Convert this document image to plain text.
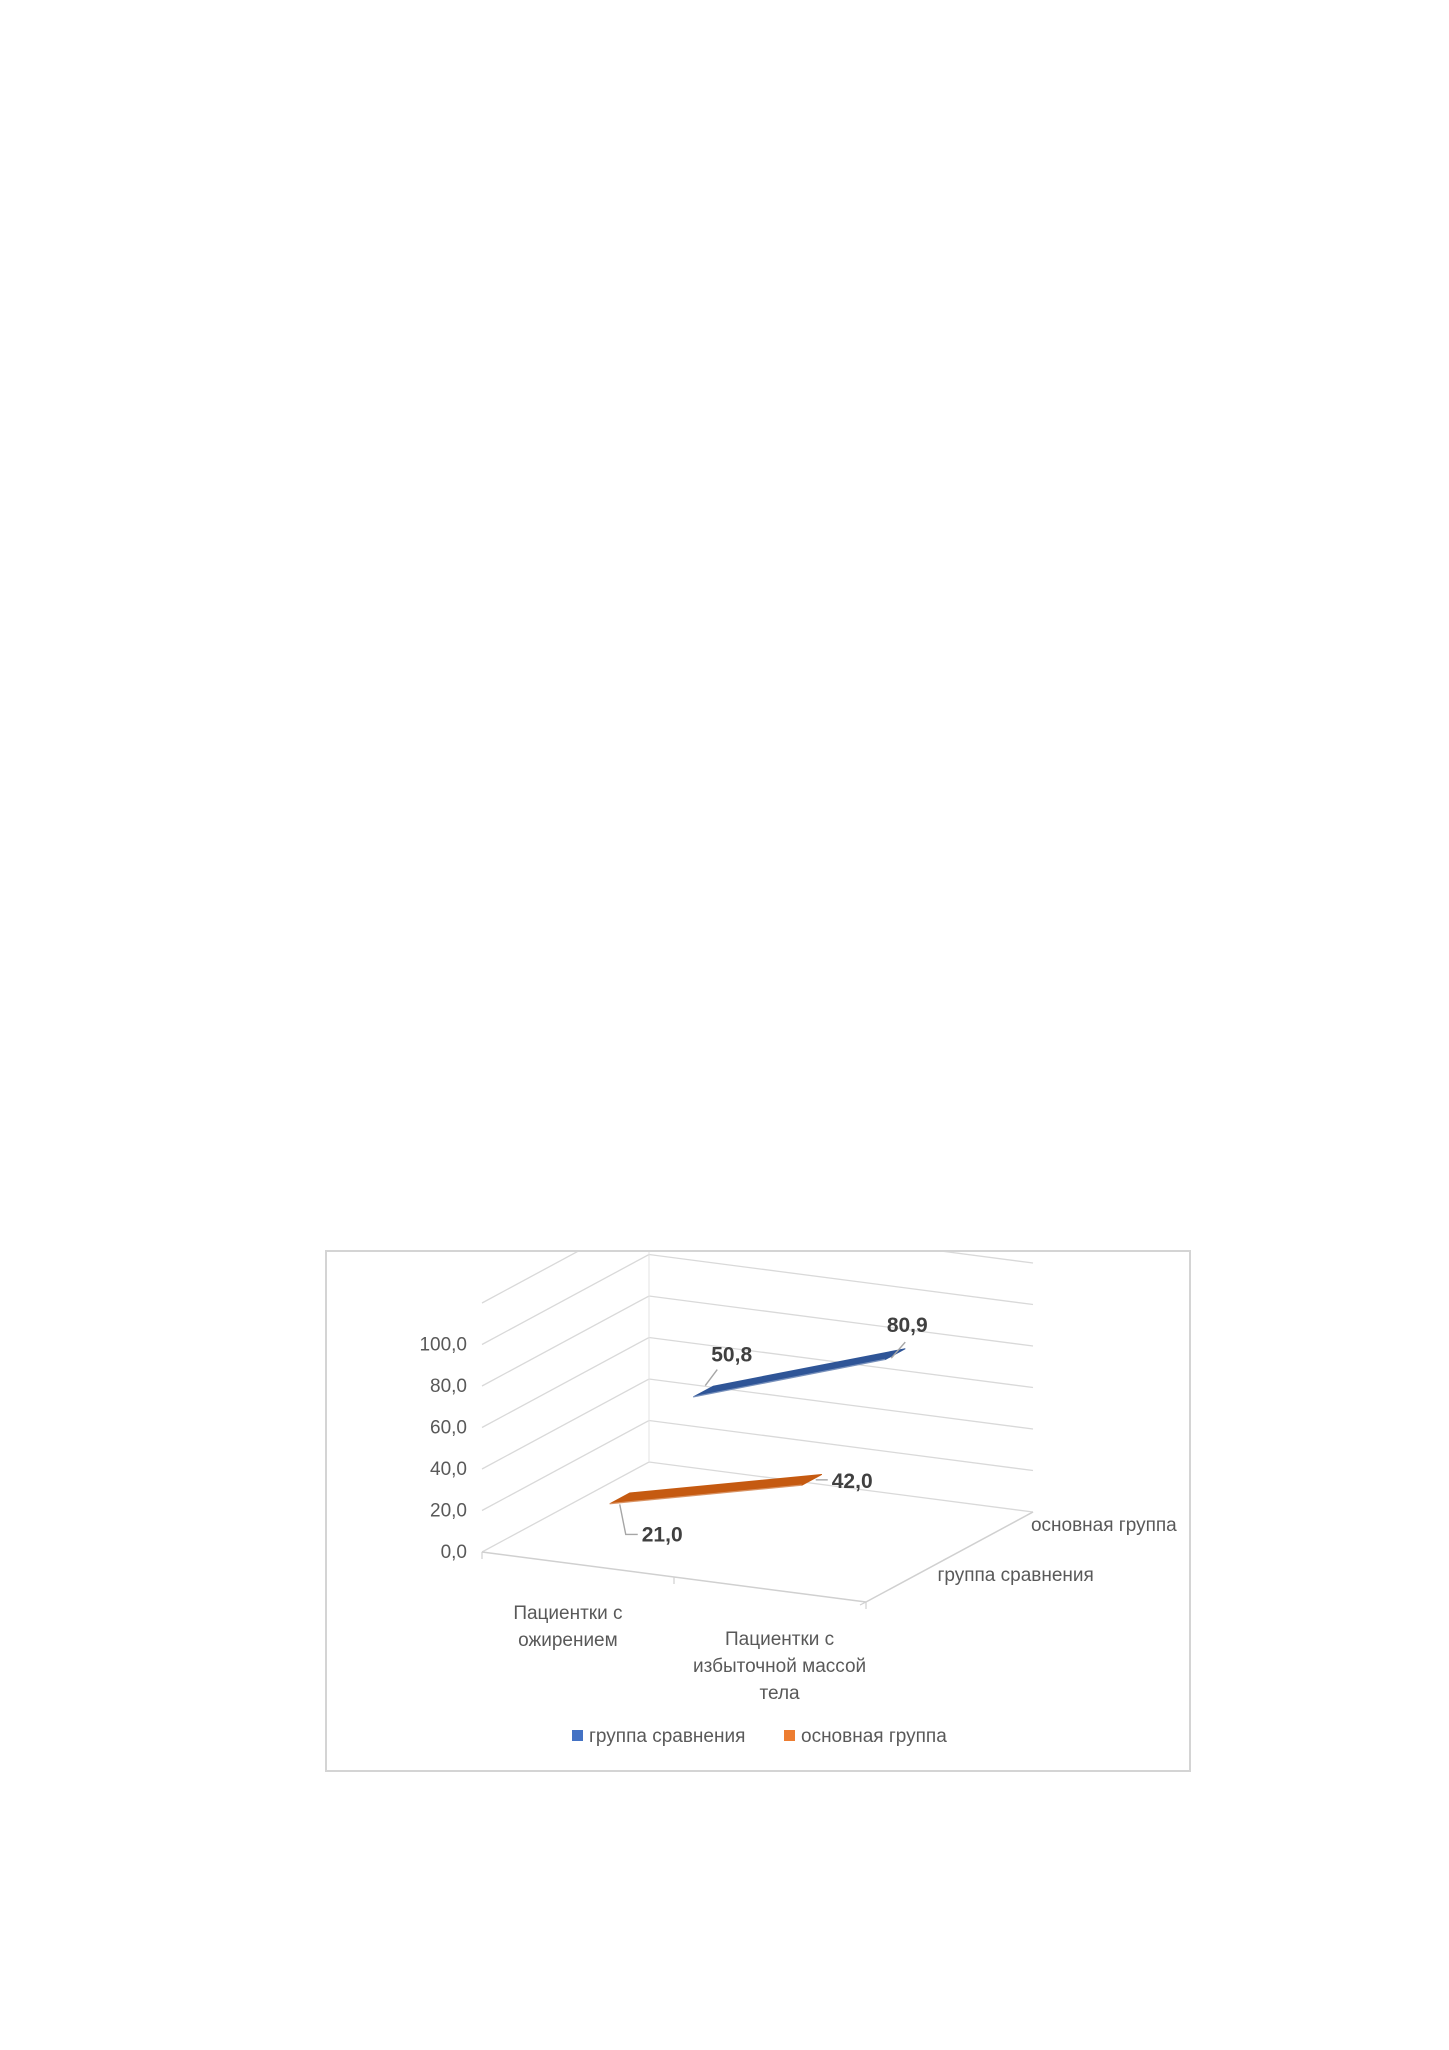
0,0
20,0
40,0
60,0
80,0
100,0
Пациентки с ожирением	Пациентки с избыточной массой тела
основная группа
группа сравнения
50,8
80,9
21,0
42,0
группа сравнения	основная группа
